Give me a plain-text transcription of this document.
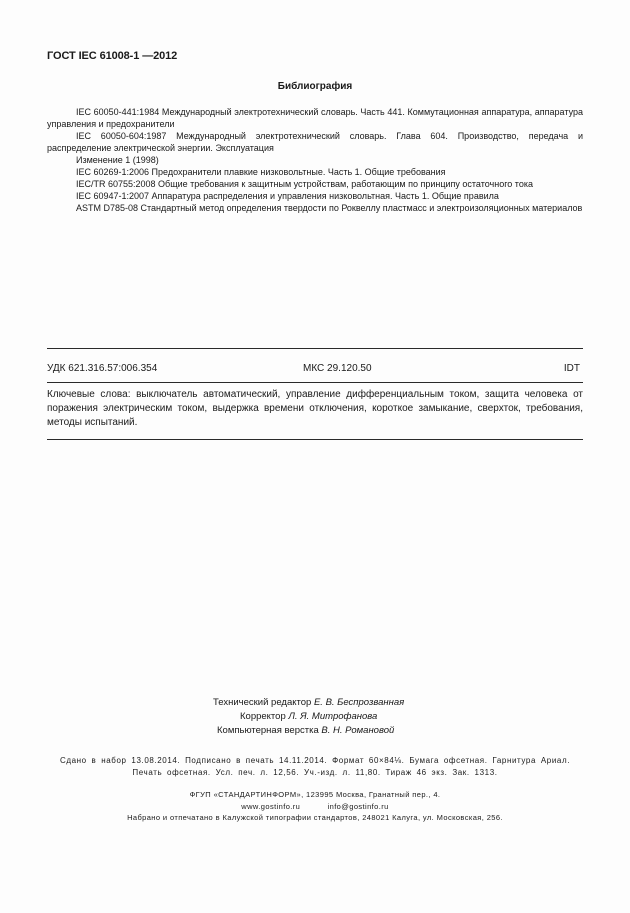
ГОСТ IEC 61008-1 —2012
Библиография

IEC 60050-441:1984 Международный электротехнический словарь. Часть 441. Коммутационная аппаратура, аппаратура управления и предохранители

IEC 60050-604:1987 Международный электротехнический словарь. Глава 604. Производство, передача и распределение электрической энергии. Эксплуатация

Изменение 1 (1998)

IEC 60269-1:2006 Предохранители плавкие низковольтные. Часть 1. Общие требования

IEC/TR 60755:2008 Общие требования к защитным устройствам, работающим по принципу остаточного тока

IEC 60947-1:2007 Аппаратура распределения и управления низковольтная. Часть 1. Общие правила

ASTM D785-08 Стандартный метод определения твердости по Роквеллу пластмасс и электроизоляционных материалов

УДК 621.316.57:006.354	МКС 29.120.50	IDT
Ключевые слова: выключатель автоматический, управление дифференциальным током, защита человека от поражения электрическим током, выдержка времени отключения, короткое замыкание, сверхток, требования, методы испытаний.
Технический редактор Е. В. Беспрозванная
Корректор Л. Я. Митрофанова
Компьютерная верстка В. Н. Романовой
Сдано в набор 13.08.2014. Подписано в печать 14.11.2014. Формат 60×84⅛. Бумага офсетная. Гарнитура Ариал.
Печать офсетная. Усл. печ. л. 12,56. Уч.-изд. л. 11,80. Тираж 46 экз. Зак. 1313.
ФГУП «СТАНДАРТИНФОРМ», 123995 Москва, Гранатный пер., 4.
www.gostinfo.ru	info@gostinfo.ru
Набрано и отпечатано в Калужской типографии стандартов, 248021 Калуга, ул. Московская, 256.
